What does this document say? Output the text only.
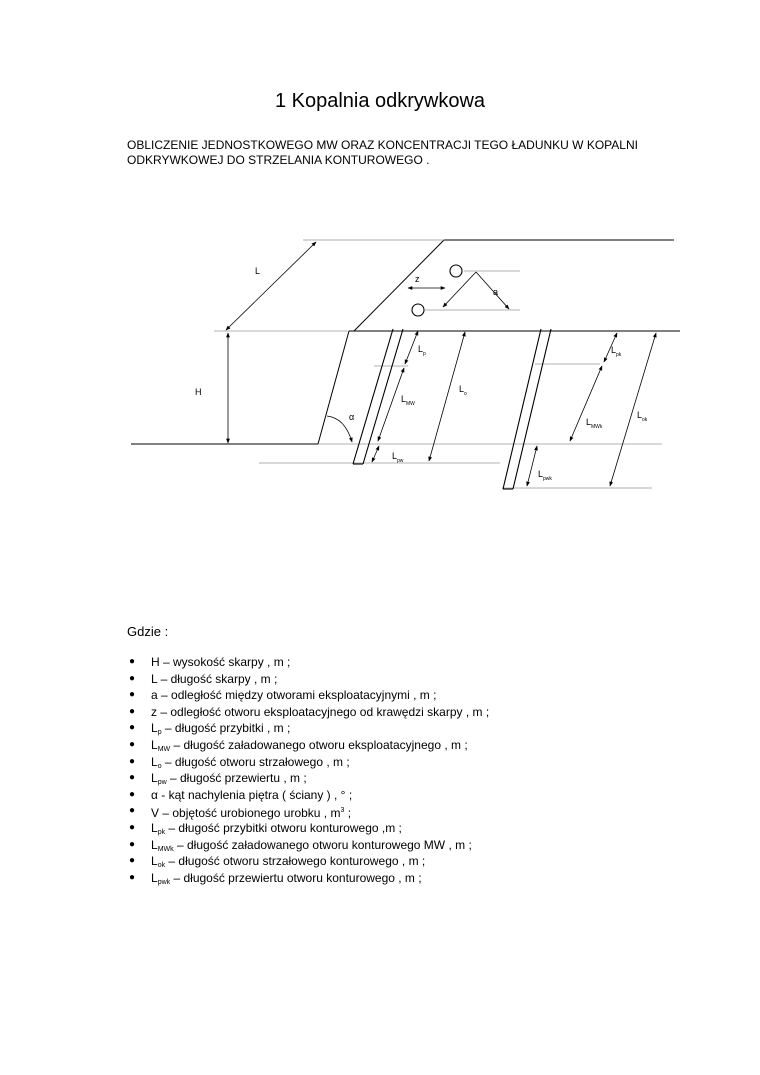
1 Kopalnia odkrywkowa
OBLICZENIE JEDNOSTKOWEGO MW ORAZ KONCENTRACJI TEGO ŁADUNKU W KOPALNI
ODKRYWKOWEJ DO STRZELANIA KONTUROWEGO .
L
z
a
H
α
$L_p$
$L_{MW}$
$L_o$
$L_{pw}$
$L_{pk}$
$L_{MWk}$
$L_{ok}$
$L_{pwk}$
Gdzie :
● H – wysokość skarpy , m ;
● L – długość skarpy , m ;
● a – odległość między otworami eksploatacyjnymi , m ;
● z – odległość otworu eksploatacyjnego od krawędzi skarpy , m ;
● $L_p$ – długość przybitki , m ;
● $L_{MW}$ – długość załadowanego otworu eksploatacyjnego , m ;
● $L_o$ – długość otworu strzałowego , m ;
● $L_{pw}$ – długość przewiertu , m ;
● α - kąt nachylenia piętra ( ściany ) , ° ;
● V – objętość urobionego urobku , $m^3$ ;
● $L_{pk}$ – długość przybitki otworu konturowego ,m ;
● $L_{MWk}$ – długość załadowanego otworu konturowego MW , m ;
● $L_{ok}$ – długość otworu strzałowego konturowego , m ;
● $L_{pwk}$ – długość przewiertu otworu konturowego , m ;
